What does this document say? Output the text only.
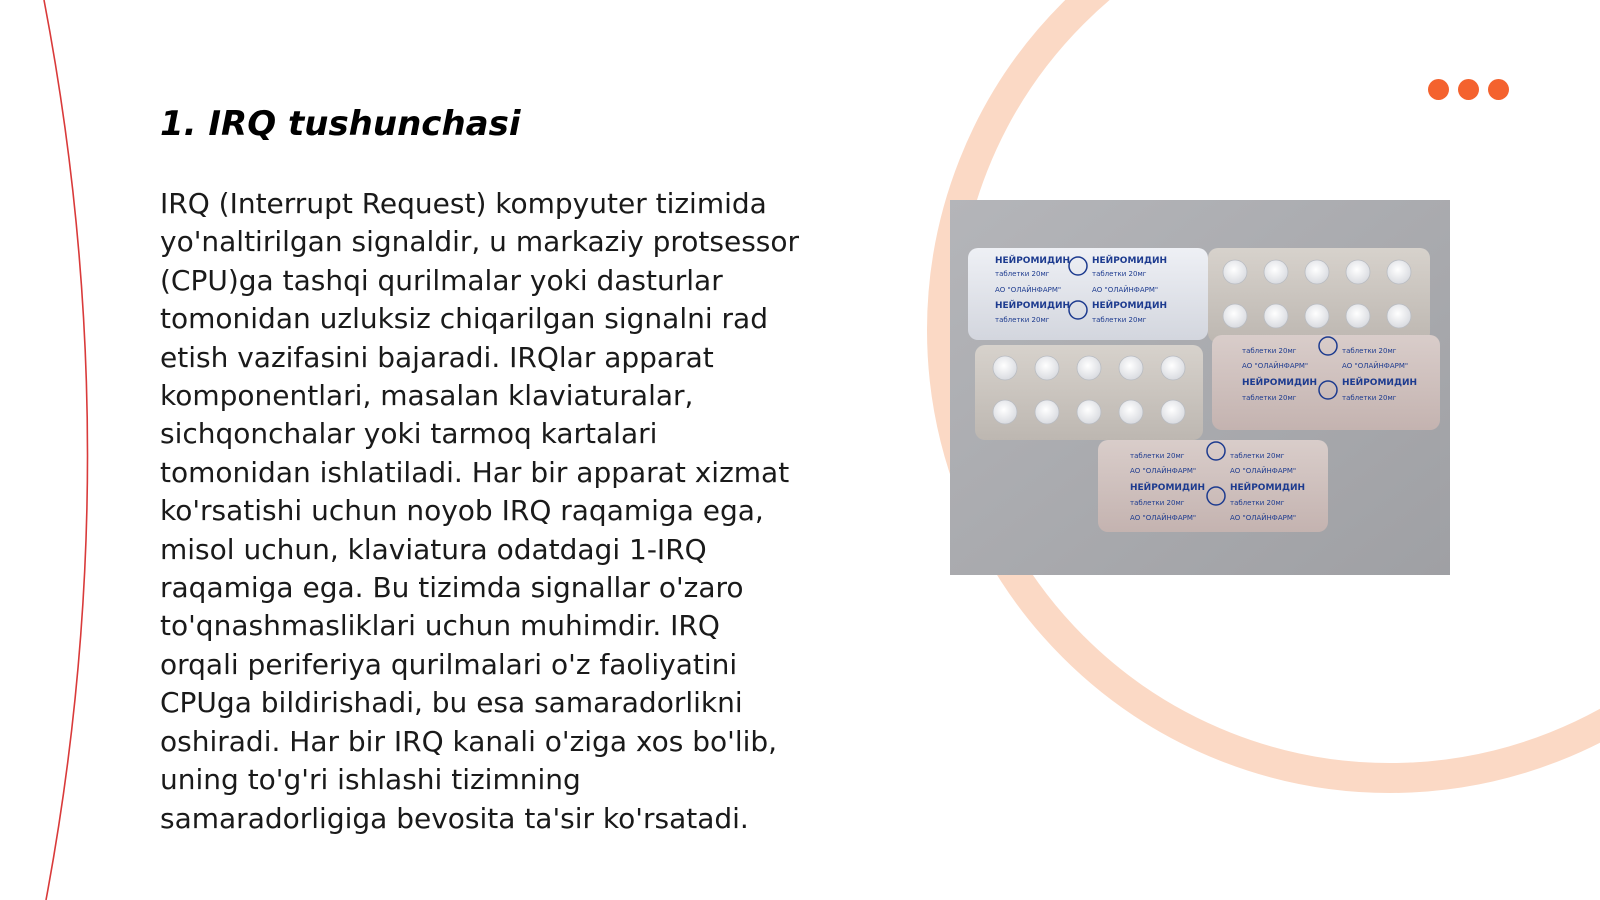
1. IRQ tushunchasi
IRQ (Interrupt Request) kompyuter tizimida
yo'naltirilgan signaldir, u markaziy protsessor
(CPU)ga tashqi qurilmalar yoki dasturlar
tomonidan uzluksiz chiqarilgan signalni rad
etish vazifasini bajaradi. IRQlar apparat
komponentlari, masalan klaviaturalar,
sichqonchalar yoki tarmoq kartalari
tomonidan ishlatiladi. Har bir apparat xizmat
ko'rsatishi uchun noyob IRQ raqamiga ega,
misol uchun, klaviatura odatdagi 1-IRQ
raqamiga ega. Bu tizimda signallar o'zaro
to'qnashmasliklari uchun muhimdir. IRQ
orqali periferiya qurilmalari o'z faoliyatini
CPUga bildirishadi, bu esa samaradorlikni
oshiradi. Har bir IRQ kanali o'ziga xos bo'lib,
uning to'g'ri ishlashi tizimning
samaradorligiga bevosita ta'sir ko'rsatadi.
НЕЙРОМИДИН НЕЙРОМИДИН
НЕЙРОМИДИН НЕЙРОМИДИН
таблетки 20мг	таблетки 20мг
АО "ОЛАЙНФАРМ"	АО "ОЛАЙНФАРМ"
таблетки 20мг	таблетки 20мг
НЕЙРОМИДИН	НЕЙРОМИДИН
таблетки 20мг	таблетки 20мг
АО "ОЛАЙНФАРМ"	АО "ОЛАЙНФАРМ"
таблетки 20мг	таблетки 20мг
НЕЙРОМИДИН	НЕЙРОМИДИН
таблетки 20мг	таблетки 20мг
АО "ОЛАЙНФАРМ"	АО "ОЛАЙНФАРМ"
таблетки 20мг	таблетки 20мг
АО "ОЛАЙНФАРМ"	АО "ОЛАЙНФАРМ"
